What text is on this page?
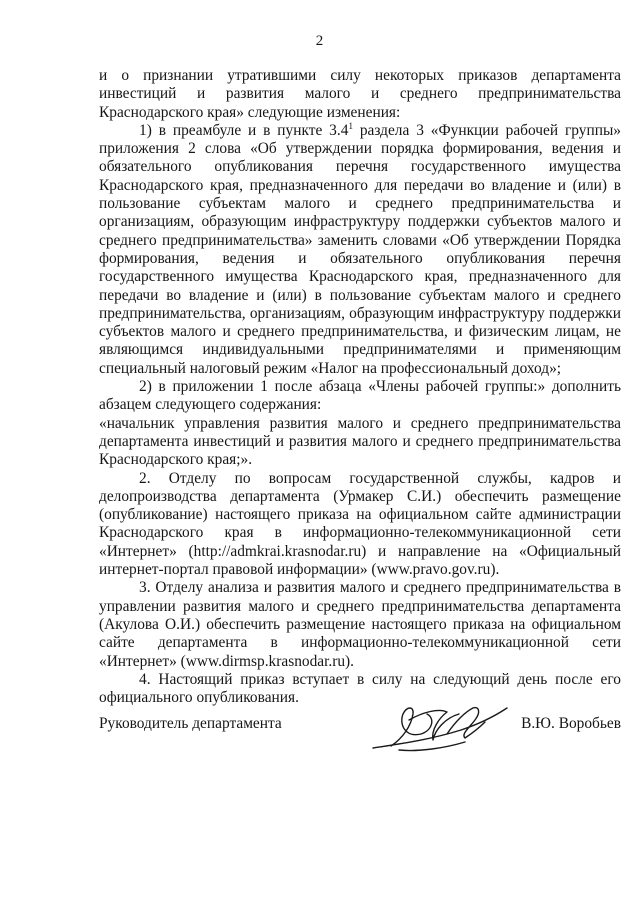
2

и о признании утратившими силу некоторых приказов департамента инвестиций и развития малого и среднего предпринимательства Краснодарского края» следующие изменения:

1) в преамбуле и в пункте $3.4^1$ раздела 3 «Функции рабочей группы» приложения 2 слова «Об утверждении порядка формирования, ведения и обязательного опубликования перечня государственного имущества Краснодарского края, предназначенного для передачи во владение и (или) в пользование субъектам малого и среднего предпринимательства и организациям, образующим инфраструктуру поддержки субъектов малого и среднего предпринимательства» заменить словами «Об утверждении Порядка формирования, ведения и обязательного опубликования перечня государственного имущества Краснодарского края, предназначенного для передачи во владение и (или) в пользование субъектам малого и среднего предпринимательства, организациям, образующим инфраструктуру поддержки субъектов малого и среднего предпринимательства, и физическим лицам, не являющимся индивидуальными предпринимателями и применяющим специальный налоговый режим «Налог на профессиональный доход»;

2) в приложении 1 после абзаца «Члены рабочей группы:» дополнить абзацем следующего содержания:

«начальник управления развития малого и среднего предпринимательства департамента инвестиций и развития малого и среднего предпринимательства Краснодарского края;».

2. Отделу по вопросам государственной службы, кадров и делопроизводства департамента (Урмакер С.И.) обеспечить размещение (опубликование) настоящего приказа на официальном сайте администрации Краснодарского края в информационно-телекоммуникационной сети «Интернет» (http://admkrai.krasnodar.ru) и направление на «Официальный интернет-портал правовой информации» (www.pravo.gov.ru).

3. Отделу анализа и развития малого и среднего предпринимательства в управлении развития малого и среднего предпринимательства департамента (Акулова О.И.) обеспечить размещение настоящего приказа на официальном сайте департамента в информационно-телекоммуникационной сети «Интернет» (www.dirmsp.krasnodar.ru).

4. Настоящий приказ вступает в силу на следующий день после его официального опубликования.

Руководитель департамента	В.Ю. Воробьев
